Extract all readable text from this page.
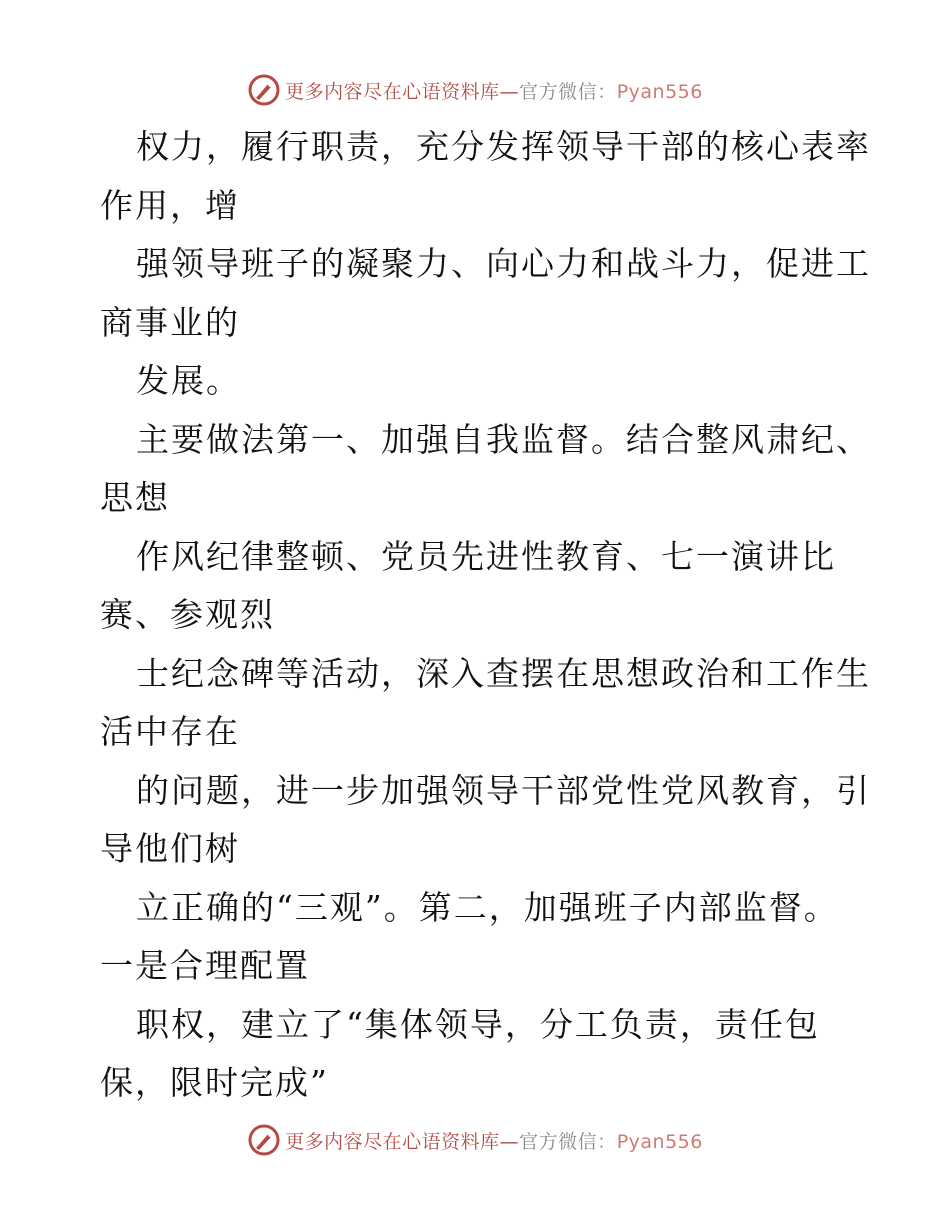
更多内容尽在心语资料库—官方微信：Pyan556

权力，履行职责，充分发挥领导干部的核心表率

作用，增

强领导班子的凝聚力、向心力和战斗力，促进工

商事业的

发展。

主要做法第一、加强自我监督。结合整风肃纪、

思想

作风纪律整顿、党员先进性教育、七一演讲比

赛、参观烈

士纪念碑等活动，深入查摆在思想政治和工作生

活中存在

的问题，进一步加强领导干部党性党风教育，引

导他们树

立正确的“三观”。第二，加强班子内部监督。

一是合理配置

职权，建立了“集体领导，分工负责，责任包

保，限时完成”

更多内容尽在心语资料库—官方微信：Pyan556
